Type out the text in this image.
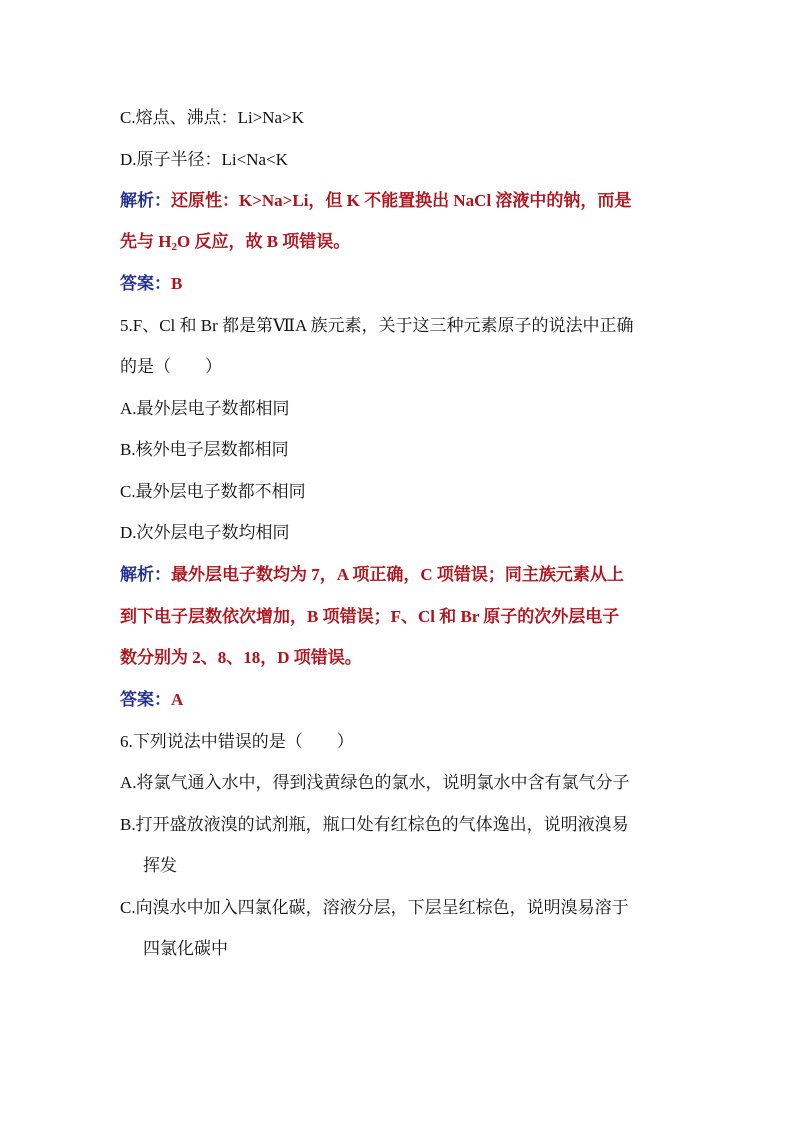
C.熔点、沸点：Li>Na>K
D.原子半径：Li<Na<K
解析：还原性：K>Na>Li，但 K 不能置换出 NaCl 溶液中的钠，而是
先与 $H_2O$ 反应，故 B 项错误。
答案：B
5.F、Cl 和 Br 都是第ⅦA 族元素，关于这三种元素原子的说法中正确
的是（　　）
A.最外层电子数都相同
B.核外电子层数都相同
C.最外层电子数都不相同
D.次外层电子数均相同
解析：最外层电子数均为 7，A 项正确，C 项错误；同主族元素从上
到下电子层数依次增加，B 项错误；F、Cl 和 Br 原子的次外层电子
数分别为 2、8、18，D 项错误。
答案：A
6.下列说法中错误的是（　　）
A.将氯气通入水中，得到浅黄绿色的氯水，说明氯水中含有氯气分子
B.打开盛放液溴的试剂瓶，瓶口处有红棕色的气体逸出，说明液溴易
挥发
C.向溴水中加入四氯化碳，溶液分层，下层呈红棕色，说明溴易溶于
四氯化碳中
